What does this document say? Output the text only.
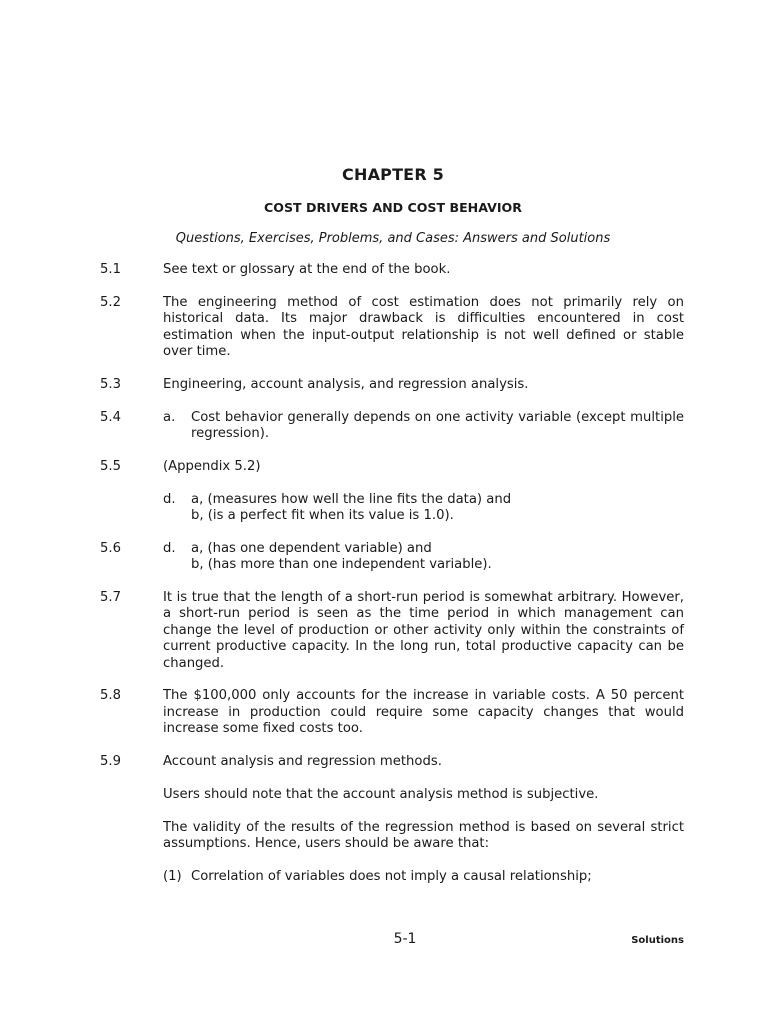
CHAPTER 5
COST DRIVERS AND COST BEHAVIOR
Questions, Exercises, Problems, and Cases: Answers and Solutions
5.1	See text or glossary at the end of the book.
5.2	The engineering method of cost estimation does not primarily rely on historical data. Its major drawback is difficulties encountered in cost estimation when the input-output relationship is not well defined or stable over time.
5.3	Engineering, account analysis, and regression analysis.
5.4	a.	Cost behavior generally depends on one activity variable (except multiple regression).
5.5	(Appendix 5.2)
d.	a, (measures how well the line fits the data) and
b, (is a perfect fit when its value is 1.0).
5.6	d.	a, (has one dependent variable) and
b, (has more than one independent variable).
5.7	It is true that the length of a short-run period is somewhat arbitrary. However, a short-run period is seen as the time period in which management can change the level of production or other activity only within the constraints of current productive capacity. In the long run, total productive capacity can be changed.
5.8	The $100,000 only accounts for the increase in variable costs. A 50 percent increase in production could require some capacity changes that would increase some fixed costs too.
5.9	Account analysis and regression methods.
Users should note that the account analysis method is subjective.
The validity of the results of the regression method is based on several strict assumptions. Hence, users should be aware that:
(1) Correlation of variables does not imply a causal relationship;
5-1	Solutions
